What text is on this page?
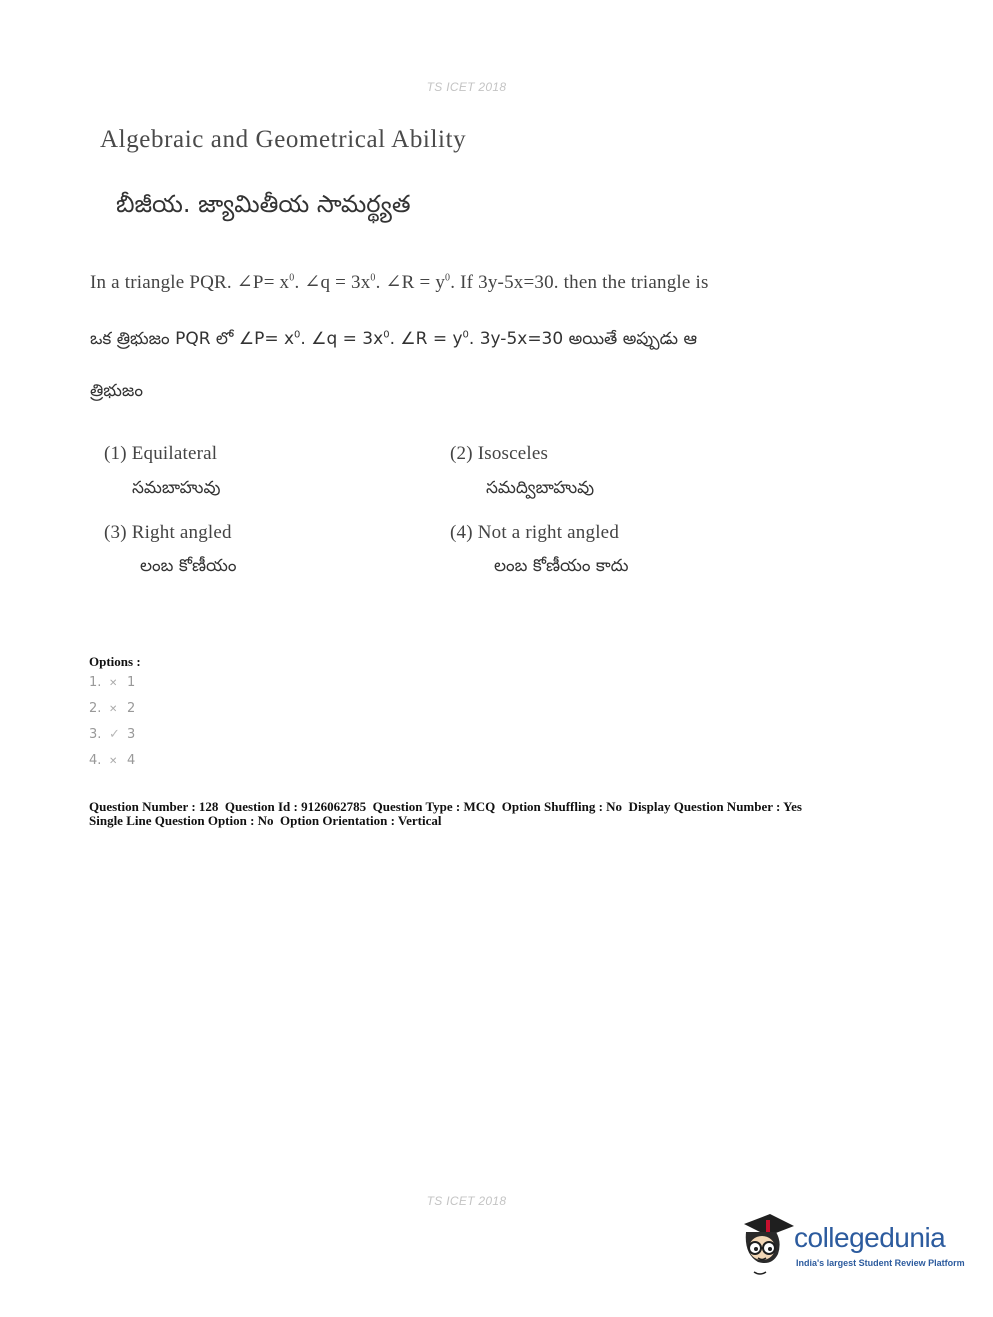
TS ICET 2018
Algebraic and Geometrical Ability
బీజీయ. జ్యామితీయ సామర్థ్యత
In a triangle PQR. ∠P= $x^0$. ∠q = $3x^0$. ∠R = $y^0$. If 3y-5x=30. then the triangle is
ఒక త్రిభుజం PQR లో ∠P= $x^0$. ∠q = $3x^0$. ∠R = $y^0$. 3y-5x=30 అయితే అప్పుడు ఆ
త్రిభుజం
(1) Equilateral
సమబాహువు
(2) Isosceles
సమద్విబాహువు
(3) Right angled
లంబ కోణీయం
(4) Not a right angled
లంబ కోణీయం కాదు
Options :
1. ✕ 1
2. ✕ 2
3. ✓ 3
4. ✕ 4
Question Number : 128  Question Id : 9126062785  Question Type : MCQ  Option Shuffling : No  Display Question Number : Yes
Single Line Question Option : No  Option Orientation : Vertical
TS ICET 2018
collegedunia
India's largest Student Review Platform
